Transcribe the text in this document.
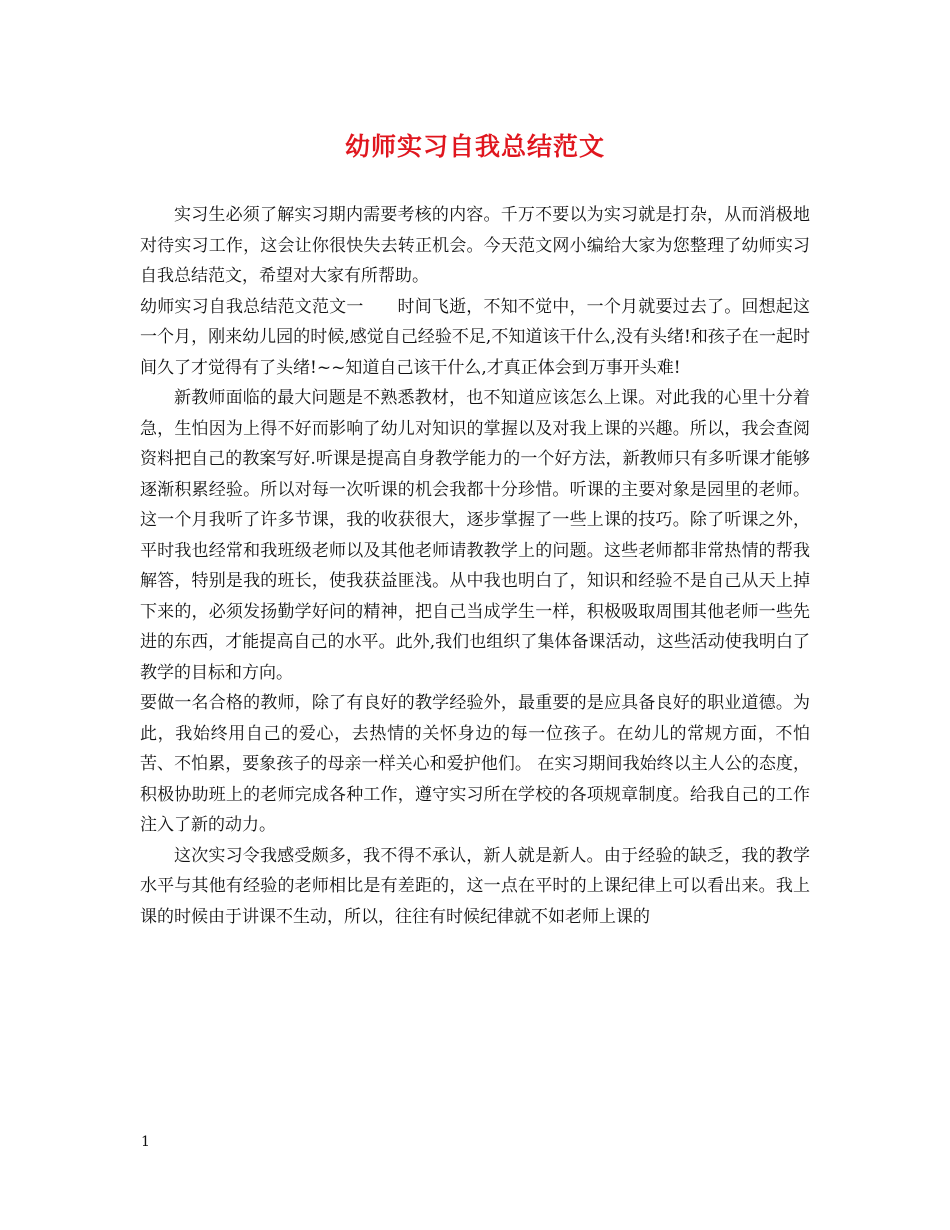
幼师实习自我总结范文

实习生必须了解实习期内需要考核的内容。千万不要以为实习就是打杂，从而消极地对待实习工作，这会让你很快失去转正机会。今天范文网小编给大家为您整理了幼师实习自我总结范文，希望对大家有所帮助。

幼师实习自我总结范文范文一 时间飞逝，不知不觉中，一个月就要过去了。回想起这一个月，刚来幼儿园的时候,感觉自己经验不足,不知道该干什么,没有头绪!和孩子在一起时间久了才觉得有了头绪!~~知道自己该干什么,才真正体会到万事开头难!

新教师面临的最大问题是不熟悉教材，也不知道应该怎么上课。对此我的心里十分着急，生怕因为上得不好而影响了幼儿对知识的掌握以及对我上课的兴趣。所以，我会查阅资料把自己的教案写好.听课是提高自身教学能力的一个好方法，新教师只有多听课才能够逐渐积累经验。所以对每一次听课的机会我都十分珍惜。听课的主要对象是园里的老师。这一个月我听了许多节课，我的收获很大，逐步掌握了一些上课的技巧。除了听课之外，平时我也经常和我班级老师以及其他老师请教教学上的问题。这些老师都非常热情的帮我解答，特别是我的班长，使我获益匪浅。从中我也明白了，知识和经验不是自己从天上掉下来的，必须发扬勤学好问的精神，把自己当成学生一样，积极吸取周围其他老师一些先进的东西，才能提高自己的水平。此外,我们也组织了集体备课活动，这些活动使我明白了教学的目标和方向。

要做一名合格的教师，除了有良好的教学经验外，最重要的是应具备良好的职业道德。为此，我始终用自己的爱心，去热情的关怀身边的每一位孩子。在幼儿的常规方面，不怕苦、不怕累，要象孩子的母亲一样关心和爱护他们。 在实习期间我始终以主人公的态度，积极协助班上的老师完成各种工作，遵守实习所在学校的各项规章制度。给我自己的工作注入了新的动力。

这次实习令我感受颇多，我不得不承认，新人就是新人。由于经验的缺乏，我的教学水平与其他有经验的老师相比是有差距的，这一点在平时的上课纪律上可以看出来。我上课的时候由于讲课不生动，所以，往往有时候纪律就不如老师上课的

1
